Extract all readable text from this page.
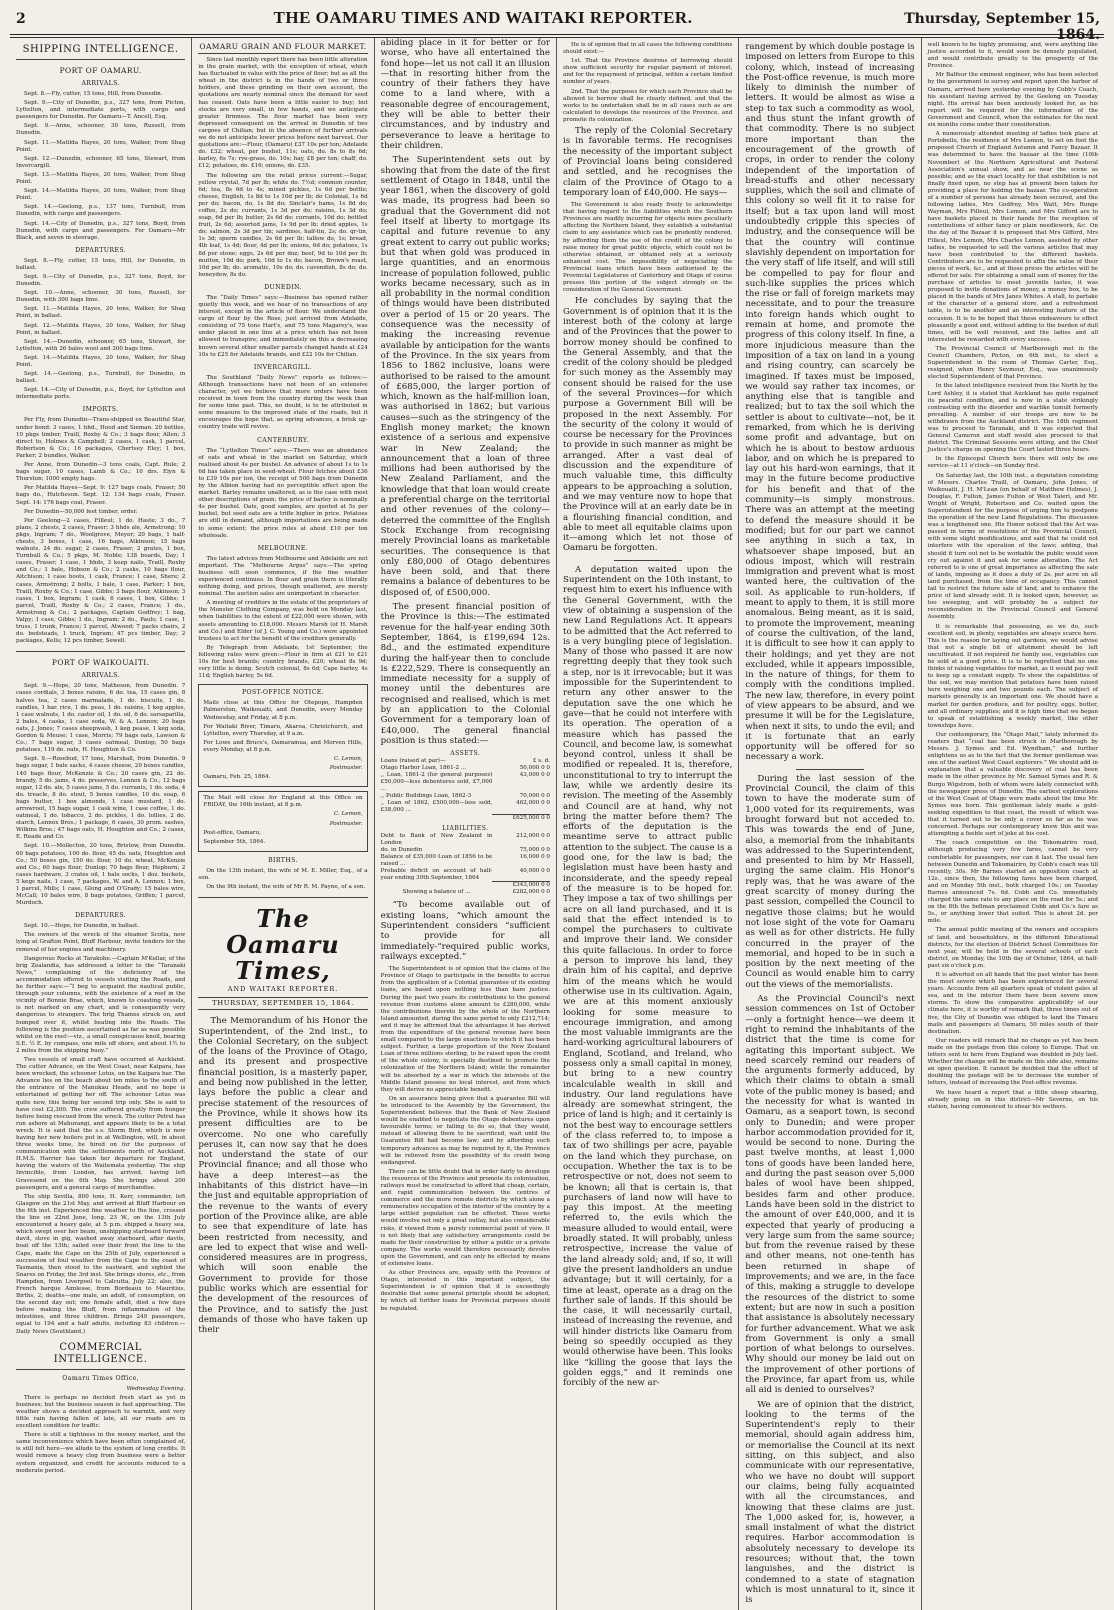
2	THE OAMARU TIMES AND WAITAKI REPORTER.	Thursday, September 15, 1864.
SHIPPING INTELLIGENCE.
PORT OF OAMARU.
ARRIVALS.

Sept. 8.—Fly, cutter, 15 tons, Hill, from Dunedin.

Sept. 9.—City of Dunedin, p.s., 327 tons, from Picton, Lyttelton, and intermediate ports, with cargo and passengers for Dunedin. For Oamaru—T. Ancell, Esq.

Sept. 9.—Anne, schooner, 30 tons, Russell, from Dunedin.

Sept. 11.—Matilda Hayes, 20 tons, Walker, from Shag Point.

Sept. 12.—Dunedin, schooner, 65 tons, Stewart, from Invercargill.

Sept. 13.—Matilda Hayes, 20 tons, Walker, from Shag Point.

Sept. 14.—Matilda Hayes, 20 tons, Walker, from Shag Point.

Sept. 14.—Geelong, p.s., 137 tons, Turnbull, from Dunedin, with cargo and passengers.

Sept. 14.—City of Dunedin, p.s., 327 tons, Boyd, from Dunedin, with cargo and passengers. For Oamaru—Mr Black, and seven in steerage.

DEPARTURES.

Sept. 8.—Fly, cutter, 15 tons, Hill, for Dunedin, in ballast.

Sept. 9.—City of Dunedin, p.s., 327 tons, Boyd, for Dunedin.

Sept. 10.—Anne, schooner, 30 tons, Russell, for Dunedin, with 300 bags lime.

Sept. 11.—Matilda Hayes, 20 tons, Walker, for Shag Point, in ballast.

Sept. 12.—Matilda Hayes, 20 tons, Walker, for Shag Point, in ballast.

Sept. 14.—Dunedin, schooner, 65 tons, Stewart, for Lyttelton, with 26 bales wool and 300 bags lime.

Sept. 14.—Matilda Hayes, 20 tons, Walker, for Shag Point.

Sept. 14.—Geelong, p.s., Turnbull, for Dunedin, in ballast.

Sept. 14.—City of Dunedin, p.s., Boyd, for Lyttelton and intermediate ports.

IMPORTS.

Per Fly, from Dunedin—Trans-shipped ex Beautiful Star, under bond: 3 cases, 1 hhd., Hood and Sieman. 20 bottles, 10 pkgs timber, Traill, Roxby & Co.; 3 bags flour, Allen; 3 direct to, Holmes & Campbell; 2 cases, 1 cask, 1 parcel, Robertson & Co.; 16 packages, Chertsey Eley; 1 box, Parker; 2 bundles, Walker.

Per Anne, from Dunedin—3 tons coals, Capt. Rule; 2 bags sugar, 10 cases, Lamb & Co.; 10 drs. Elyn & Thurston; 1000 empty bags.

Per Matilda Hayes—Sept. 9: 127 bags coals, Fraser; 50 bags do., Hutcheson. Sept. 12: 134 bags coals, Fraser. Sept. 14: 176 bags coal, Fraser.

Per Dunedin—50,000 feet timber, order.

Per Geelong—2 cases, Filleul; 1 do. Haste; 3 do., 7 plans, 2 chests, 2 cases, Fraser; 3 hhds ale, Armstrong; 10 pkgs, Ingram; 7 do., Woolgrove, Meyer; 20 bags, 1 half-chests, 3 boxes, 1 case, 16 bags, Atkinson; 15 bags walnuts, 24 do. sugar, 2 cases, Fraser; 2 grates, 1 box, Turnbull & Co.; 5 pkgs, M. Noble; 138 boards, Day; 1 cases, Fraser; 1 case, 1 hhds, 3 keep nails, Traill, Roxby and Co.; 1 bale, Hobson & Co.; 2 casks, 10 bags flour, Aitchison; 1 case boots, 1 cask, France; 1 case, Shere; 2 cases, Armstrong; 2 bolts, 1 bale, 1 case, Parker; 1 box, Traill, Roxby & Co.; 1 case, Gibbs; 3 bags flour, Atkinson; 3 cases, 1 box, Ingram; 1 cask, 6 cases, 1 box, Gibbs; 1 parcel, Traill, Roxby & Co.; 2 cases, France; 1 do., Armstrong & Co.; 2 packages, Captain Godfrey; 1 bag, Valpy; 1 case, Gibbs; 1 do., Ingram; 2 do., Pauls; 1 case, 1 truss, 1 trunk, France; 1 parcel, Atwood; 7 packs chairs, 2 do. bedsteads, 1 truck, Ingram; 47 pcs timber, Day; 2 packages, Kells; 12 pcs timber, Sewell.

PORT OF WAIKOUAITI.
ARRIVALS.

Sept. 9.—Hope, 20 tons, Matheson, from Dunedin. 7 cases cordials, 3 boxes raisins, 6 do. tea, 15 cases gin, 8 halves tea, 2 cases marmalade, 1 do. biscuits, 1 do. candles, 1 bar. rice, 1 do. peas, 1 do. raisins, 1 keg apples, 1 case walnuts, 1 do. castor oil, 1 do. oil, 6 do. sarsaparilla, 2 bales, 4 casks, 1 case soda, W. & A. Lennox; 20 bags oats, J. Jones; 7 cases sheepwash, 1 keg pease, 1 keg soda, Gordon & Meuse; 1 case, Morris; 79 bags oats, Lawson & Co.; 7 bags sugar, 3 cases oatmeal, Dunlop; 50 bags potatoes, 119 do. oats, H. Houghton & Co.

Sept. 9.—Rosebud, 17 tons, Marshall, from Dunedin. 9 bags sugar, 1 bale sacks, 4 cases cheese, 20 boxes candles, 140 bags flour, McKenzie & Co.; 20 cases gin, 22 do. brandy, 5 do. jams, 4 do. preserves, Lennox & Co.; 12 bags sugar, 12 do. ale, 5 cases jams, 5 do. currants, 1 do. soda, 4 do. treacle, 8 do. stout, 5 boxes candles, 10 do. soap, 6 bags butter, 1 box almonds, 1 case mustard, 1 do. arrowroot, 15 bags sugar, 1 cask wine, 1 case coffee, 1 do. oatmeal, 1 do. tobacco, 2 do. pickles, 1 do. lollies, 2 do. starch, Lennox Bros.; 1 package, 6 cases, 30 prom. sashes, Wilkins Bros.; 47 bags oats, H. Houghton and Co.; 2 cases, E. Reade and Co.

Sept. 10.—Mollecton, 20 tons, Bristow, from Dunedin. 60 bags potatoes, 100 do. flour, 45 do. oats, Houghton and Co.; 50 boxes gin, 150 do. flour, 10 do. wheat, McKenzie and Co.; 60 bags flour, Dunlop; 70 bags flour, Hepburn; 2 cases hardware, 3 crates oil, 1 bale socks, 1 doz. buckets, 5 kegs nails, 1 case, 7 packages, W. and A. Lennox; 1 box, 1 parcel, Mills; 1 case, Glong and O'Grady; 15 bales wire, McCall; 10 bales wire, 8 bags potatoes, Griffen; 1 parcel, Murdoch.

DEPARTURES.

Sept. 10.—Hope, for Dunedin, in ballast.

The owners of the wreck of the steamer Scotia, now lying at Grafton Point, Bluff Harbour, invite tenders for the removal of her engines and machinery.

Dangerous Rocks at Tarakohe.—Captain M'Kellar, of the brig Zealandia, has addressed a letter to the “Taranaki News,” complaining of the deficiency of the accommodation offered to vessels visiting the Roads, and he further says:—“I beg to acquaint the nautical public, through your columns, with the existence of a reef in the vicinity of Bonnie Brae, which, known to coasting vessels, is not marked on any chart, and is consequently very dangerous to strangers. The brig Thames struck on, and bumped over it, whilst beating into the Roads. The following is the position ascertained as far as was possible whilst on the reef:—viz., a small conspicuous knoll, bearing S.E. ½ E. by compass, one mile off shore, and about 1½ to 2 miles from the shipping buoy.”

Two vessels of small craft have occurred at Auckland. The cutter Advance, on the West Coast, near Kaipara, has been wrecked, the schooner Lotus, on the Kaipara bar. The Advance lies on the beach about ten miles to the south of the entrance of the Manukau Heads, and no hope is entertained of getting her off. The schooner Lotus was quite new, this being her second trip only. She is said to have cost £2,300. The crew suffered greatly from hunger before being rescued from the wreck. The cutter Petrel has run ashore at Mahurangi, and appears likely to be a total wreck. It is said that the s.s. Storm Bird, which is now having her new boilers put in at Wellington, will, in about three weeks time, be hired on for the purposes of communication with the settlements north of Auckland. H.M.S. Harrier has taken her departure for England, having the waters of the Waitemata yesterday. The ship Invincible, from London, has arrived, having left Gravesend on the 6th May. She brings about 200 passengers, and a general cargo of merchandise.

The ship Sevilla, 800 tons, H. Kerr, commander, left Glasgow on the 21st May, and arrived at Bluff Harbour on the 6th inst. Experienced fine weather to the line, crossed the line on 22nd June, long. 23 W., on the 13th July encountered a heavy gale, at 5 p.m. shipped a heavy sea, which swept over her beam, unshipping starboard forward davit, stove in gig, washed away starboard, after davits, boat off the 13th; sailed over their front the line to the Cape, made the Cape on the 25th of July, experienced a succession of foul weather from the Cape to the coast of Tasmania, then stood to the eastward, and sighted the Snares on Friday, the 3rd inst. She brings stores, etc., from Hampden, from Liverpool to Calcutta, July 22; also, the French barque Aimlesse, from Bordeaux to Mauritius. Births, 2; deaths—one male, an adult, of consumption, on the second day out; one female adult, died a few days before making the Bluff, from inflammation of the intestines, and three children. Brings 249 passengers, equal to 194 and a half adults, including 83 children.—Daily News (Southland.)

COMMERCIAL INTELLIGENCE.
Oamaru Times Office,

Wednesday Evening.

There is perhaps no decided fresh start as yet in business; but the business season is fast approaching. The weather shows a decided approach to warmth, and very little rain having fallen of late, all our roads are in excellent condition for traffic.

There is still a tightness in the money market, and the same inconvenience which have been often complained of, is still felt here—we allude to the system of long credits. It would remove a heavy clog from business were a better system organized, and credit for accounts reduced to a moderate period.

OAMARU GRAIN AND FLOUR MARKET.

Since last monthly report there has been little alteration in the grain market, with the exception of wheat, which has fluctuated in value with the price of flour; but as all the wheat in the district is in the hands of two or three holders, and these grinding on their own account, the quotations are nearly nominal since the demand for seed has ceased. Oats have been a little easier to buy; but stocks are very small, in few hands, and we anticipate greater firmness. The flour market has been very depressed consequent on the arrival in Dunedin of two cargoes of Chilian; but in the absence of further arrivals we do not anticipate lower prices before next harvest. Our quotations are:—Flour, (Oamaru) £37 10s per ton; Adelaide do. £32; wheat, per bushel, 11s; oats, do. 8s to 8s 6d; barley, 6s 7s; rye-grass, do. 10s; hay, £8 per ton; chaff, do. £12; potatoes, do. £16; onions, do. £35.

The following are the retail prices current:—Sugar, yellow crystal, 7d per lb; white do. 7½d; common counter, 6d; tea, 8s 6d to 4s; mixed pickles, 1s 6d per bottle; cheese, English, 1s 8d to 1s 10d per lb; do Colonial, 1s 6d per do; bacon, do, 1s 8d do; Sinclair's hams, 1s 8d do; coffee, 2s do; currants, 1s 3d per do; raisins, 1s 3d do; soap, 6d per lb; butter, 2s 6d do; currants, 10d do; bottled fruit, 2s 6d; assorted jams, 1s 9d per lb; dried apples, 1s do; salmon, 2s 3d per tin; sardines, half-tin, 2s; do. qr-tin, 1s 3d; sperm candles, 2s 6d per lb; tallow do, 1s; bread, 4lb loaf, 1s 4d; flour, 4d per lb; onions, 6d do; potatoes, 1s 8d per stone; eggs, 2s 6d per doz; beef, 9d to 10d per lb; mutton, 10d do; pork, 10d to 1s do; bacon, Brown's roast, 10d per lb; do. aromatic, 10s do; do. cavendish, 8s do; do. honeydew, 8s do.

DUNEDIN.

The “Daily Times” says:—Business has opened rather quietly this week, and we hear of no transactions of any interest, except in the article of flour. We understand the cargo of flour by the Rose, just arrived from Adelaide, consisting of 75 tons Hart's, and 75 tons Magarey's, was under placed in one line at a price which has not been allowed to transpire; and immediately on this a decreasing known several other smaller parcels changed hands at £24 10s to £25 for Adelaide brands, and £22 10s for Chilian.

INVERCARGILL.

The Southland “Daily News” reports as follows:—Although transactions have not been of an extensive character, yet we believe that more orders have been received in town from the country during the week than for some time past. This, no doubt, is to be attributed in some measure to the improved state of the roads, but it encourages the hope that, as spring advances, a brisk up-country trade will revive.

CANTERBURY.

The “Lyttelton Times” says:—There was an abundance of oats and wheat in the market on Saturday, which realised about 4s per bushel. An advance of about 1s to 1s 6d has taken place in seed-wheat. Flour fetches about £36 to £39 10s per ton, the receipt of 500 bags from Dunedin by the Albion having had no perceptible effect upon the market. Barley remains unaltered, as is the case with most other descriptions of grain; the price of barley is nominally 4s per bushel. Oats, good samples, are quoted at 5s per bushel, but seed oats are a trifle higher in price. Potatoes are still in demand, although importations are being made to some extent; the price rules at about £10 per ton wholesale.

MELBOURNE.

The latest advices from Melbourne and Adelaide are not important. The “Melbourne Argus” says:—The spring business will soon commence, if the fine weather experienced continues. In flour and grain there is literally nothing doing, and prices, though unaltered, are merely nominal. The auction sales are unimportant in character.

A meeting of creditors in the estate of the proprietors of the Monster Clothing Company, was held on Monday last, when liabilities to the extent of £22,000 were shown, with assets amounting to £18,000. Messrs Marsh (of H. Marsh and Co.) and Elder (of J. C. Young and Co.) were appointed trustees to act for the benefit of the creditors generally.

By Telegraph from Adelaide, 1st September, the following rates were given:—Flour in firm at £21 to £21 10s for best brands; country brands, £20; wheat 8s 9d; very little is doing. Scotch colonial, 8s 6d; Cape barley, 4s 11d; English barley, 5s 6d.

POST-OFFICE NOTICE.

Mails close at this Office for Otepopo, Hampden Palmerston, Waikouaiti, and Dunedin, every Monday Wednesday, and Friday, at 8 p.m.

For Waitaki River, Timaru, Akaroa, Christchurch, and Lyttelton, every Thursday, at 9 a.m.

For Lowe and Bruce's, Oamaramua, and Morven Hills, every Monday, at 8 p.m.

C. Lemon,

Postmaster.

Oamaru, Feb. 25, 1864.

The Mail will close for England at this Office on FRIDAY, the 16th instant, at 8 p.m.

C. Lemon,

Postmaster.

Post-office, Oamaru,

September 5th, 1864.

BIRTHS.

On the 13th instant, the wife of M. E. Miller, Esq., of a son.

On the 9th instant, the wife of Mr R. M. Payne, of a son.

The Oamaru Times,
AND WAITAKI REPORTER.
THURSDAY, SEPTEMBER 15, 1864.

The Memorandum of his Honor the Superintendent, of the 2nd inst., to the Colonial Secretary, on the subject of the loans of the Province of Otago, and its present and prospective financial position, is a masterly paper, and being now published in the letter, lays before the public a clear and precise statement of the resources of the Province, while it shows how its present difficulties are to be overcome. No one who carefully peruses it, can now say that he does not understand the state of our Provincial finance; and all those who have a deep interest—as the inhabitants of this district have—in the just and equitable appropriation of the revenue to the wants of every portion of the Province alike, are able to see that expenditure of late has been restricted from necessity, and are led to expect that wise and well-considered measures are in progress, which will soon enable the Government to provide for those public works which are essential for the development of the resources of the Province, and to satisfy the just demands of those who have taken up their

abiding place in it for better or for worse, who have all entertained the fond hope—let us not call it an illusion—that in resorting hither from the country of their fathers they have come to a land where, with a reasonable degree of encouragement, they will be able to better their circumstances, and by industry and perseverance to leave a heritage to their children.

The Superintendent sets out by showing that from the date of the first settlement of Otago in 1848, until the year 1861, when the discovery of gold was made, its progress had been so gradual that the Government did not feel itself at liberty to mortgage its capital and future revenue to any great extent to carry out public works; but that when gold was produced in large quantities, and an enormous increase of population followed, public works became necessary, such as in all probability in the normal condition of things would have been distributed over a period of 15 or 20 years. The consequence was the necessity of making the increasing revenue available by anticipation for the wants of the Province. In the six years from 1856 to 1862 inclusive, loans were authorised to be raised to the amount of £685,000, the larger portion of which, known as the half-million loan, was authorised in 1862; but various causes—such as the stringency of the English money market; the known existence of a serious and expensive war in New Zealand; the announcement that a loan of three millions had been authorised by the New Zealand Parliament, and the knowledge that that loan would create a preferential charge on the territorial and other revenues of the colony—deterred the committee of the English Stock Exchange from recognising merely Provincial loans as marketable securities. The consequence is that only £80,000 of Otago debentures have been sold, and that there remains a balance of debentures to be disposed of, of £500,000.

The present financial position of the Province is this:—The estimated revenue for the half-year ending 30th September, 1864, is £199,694 12s. 8d., and the estimated expenditure during the half-year then to conclude is £222,529. There is consequently an immediate necessity for a supply of money until the debentures are recognised and realised, which is met by an application to the Colonial Government for a temporary loan of £40,000. The general financial position is thus stated:—

ASSETS.
Loans (raised at par)—	£ s. d.
Otago Harbor Loan, 1861-2 ...	50,000 0 0
,, Loan, 1861-2 (for general purposes) £50,000—less debentures sold, £7,000 ...	43,000 0 0
,, Public Buildings Loan, 1862-3	70,000 0 0
,, Loan of 1862, £500,000—less sold, £38,000 ...	462,000 0 0
	£625,000 0 0
LIABILITIES.
Debt to Bank of New Zealand in London	212,000 0 0
do. in Dunedin	75,000 0 0
Balance of £35,000 Loan of 1856 to be raised ...	16,000 0 0
Probable deficit on account of half-year ending 30th September, 1864	40,000 0 0
	£343,000 0 0
Showing a balance of ...	£282,000 0 0

“To become available out of existing loans, “which amount the Superintendent considers “sufficient to provide for all immediately-“required public works, railways excepted.”

The Superintendent is of opinion that the claims of the Province of Otago to participate in the benefits to accrue from the application of a Colonial guarantee of its existing loans, are based upon nothing less than bare justice. During the past two years its contributions to the general revenue from customs alone amount to £280,000, while the contributions thereto by the whole of the Northern Island amounted, during the same period to only £212,714; and it may be affirmed that the advantages it has derived from the expenditure of the general revenue have been small compared to the large exactions to which it has been subject. Further, a large proportion of the New Zealand Loan of three millions sterling, to be raised upon the credit of the whole colony, is specially destined to promote the colonization of the Northern Island; while the remainder will be absorbed by a war in which the interests of the Middle Island possess no local interest, and from which they will derive no appreciable benefit.

On an assurance being given that a guarantee Bill will be introduced to the Assembly by the Government, the Superintendent believes that the Bank of New Zealand would be enabled to negotiate the Otago debentures upon favourable terms; or failing to do so, that they would, instead of allowing them to be sacrificed, wait until the Guarantee Bill had become law; and by affording such temporary advances as may be required by it, the Province will be relieved from the possibility of its credit being endangered.

There can be little doubt that in order fairly to develope the resources of the Province and promote its colonization, railways must be constructed to afford that cheap, certain, and rapid communication between the centres of commerce and the more remote districts by which alone a remunerative occupation of the interior of the country by a large settled population can be effected. These works would involve not only a great outlay, but also considerable risks, if viewed from a purely commercial point of view. It is not likely that any satisfactory arrangements could be made for their construction by either a public or a private company. The works would therefore necessarily devolve upon the Government, and can only be effected by means of extensive loans.

As other Provinces are, equally with the Province of Otago, interested in this important subject, the Superintendent is of opinion that it is exceedingly desirable that some general principle should be adopted, by which all further loans for Provincial purposes should be regulated.

He is of opinion that in all cases the following conditions should exist:—

1st. That the Province desirous of borrowing should show sufficient security for regular payment of interest, and for the repayment of principal, within a certain limited number of years.

2nd. That the purposes for which each Province shall be allowed to borrow shall be clearly defined, and that the works to be undertaken shall be in all cases such as are calculated to develope the resources of the Province, and promote its colonization.

The reply of the Colonial Secretary is in favorable terms. He recognises the necessity of the important subject of Provincial loans being considered and settled, and he recognises the claim of the Province of Otago to a temporary loan of £40,000. He says—

The Government is also ready freely to acknowledge that having regard to the liabilities which the Southern Provinces are readily incurring for objects more peculiarly affecting the Northern Island, they establish a substantial claim to any assistance which can be prudently rendered, by affording them the use of the credit of the colony to raise money for great public objects, which could not be otherwise obtained, or obtained only at a seriously enhanced cost. The impossibility of negociating the Provincial loans which have been authorised by the Provincial Legislatures of Canterbury and Otago of course presses this portion of the subject strongly on the consideration of the General Government.

He concludes by saying that the Government is of opinion that it is the interest both of the colony at large and of the Provinces that the power to borrow money should be confined to the General Assembly, and that the credit of the colony should be pledged for such money as the Assembly may consent should be raised for the use of the several Provinces—for which purpose a Government Bill will be proposed in the next Assembly. For the security of the colony it would of course be necessary for the Provinces to provide in such manner as might be arranged. After a vast deal of discussion and the expenditure of much valuable time, this difficulty appears to be approaching a solution, and we may venture now to hope that the Province will at an early date be in a flourishing financial condition, and able to meet all equitable claims upon it—among which let not those of Oamaru be forgotten.

A deputation waited upon the Superintendent on the 10th instant, to request him to exert his influence with the General Government, with the view of obtaining a suspension of the new Land Regulations Act. It appears to be admitted that the Act referred to is a very bungling piece of legislation. Many of those who passed it are now regretting deeply that they took such a step, nor is it irrevocable; but it was impossible for the Superintendent to return any other answer to the deputation save the one which he gave—that he could not interfere with its operation. The operation of a measure which has passed the Council, and become law, is somewhat beyond control, unless it shall be modified or repealed. It is, therefore, unconstitutional to try to interrupt the law, while we ardently desire its revision. The meeting of the Assembly and Council are at hand, why not bring the matter before them? The efforts of the deputation is the meantime serve to attract public attention to the subject. The cause is a good one, for the law is bad; the legislation must have been hasty and inconsiderate, and the speedy repeal of the measure is to be hoped for. They impose a tax of two shillings per acre on all land purchased, and it is said that the effect intended is to compel the purchasers to cultivate and improve their land. We consider this quite fallacious. In order to force a person to improve his land, they drain him of his capital, and deprive him of the means which he would otherwise use in its cultivation. Again, we are at this moment anxiously looking for some measure to encourage immigration, and among the most valuable immigrants are the hard-working agricultural labourers of England, Scotland, and Ireland, who possess only a small capital in money, but bring to a new country incalculable wealth in skill and industry. Our land regulations have already are somewhat stringent, the price of land is high; and it certainly is not the best way to encourage settlers of the class referred to, to impose a tax of two shillings per acre, payable on the land which they purchase, on occupation. Whether the tax is to be retrospective or not, does not seem to be known; all that is certain is, that purchasers of land now will have to pay this impost. At the meeting referred to, the evils which the measure alluded to would entail, were broadly stated. It will probably, unless retrospective, increase the value of the land already sold; and, if so, it will give the present landholders an undue advantage; but it will certainly, for a time at least, operate as a drag on the further sale of lands. If this should be the case, it will necessarily curtail, instead of increasing the revenue, and will hinder districts like Oamaru from being so speedily occupied as they would otherwise have been. This looks like “killing the goose that lays the golden eggs,” and it reminds one forcibly of the new ar-

rangement by which double postage is imposed on letters from Europe to this colony, which, instead of increasing the Post-office revenue, is much more likely to diminish the number of letters. It would be almost as wise a step to tax such a commodity as wool, and thus stunt the infant growth of that commodity. There is no subject more important than the encouragement of the growth of crops, in order to render the colony independent of the importation of bread-stuffs and other necessary supplies, which the soil and climate of this colony so well fit it to raise for itself; but a tax upon land will most undoubtedly cripple this species of industry, and the consequence will be that the country will continue slavishly dependent on importation for the very staff of life itself, and will still be compelled to pay for flour and such-like supplies the prices which the rise or fall of foreign markets may necessitate, and to pour the treasure into foreign hands which ought to remain at home, and promote the progress of this colony itself. In fine, a more injudicious measure than the imposition of a tax on land in a young and rising country, can scarcely be imagined. If taxes must be imposed, we would say rather tax incomes, or anything else that is tangible and realized; but to tax the soil which the settler is about to cultivate—not, be it remarked, from which he is deriving some profit and advantage, but on which he is about to bestow arduous labor, and on which he is prepared to lay out his hard-won earnings, that it may in the future become productive for his benefit and that of the community—is simply monstrous. There was an attempt at the meeting to defend the measure should it be modified; but for our part we cannot see anything in such a tax, in whatsoever shape imposed, but an odious impost, which will restrain immigration and prevent what is most wanted here, the cultivation of the soil. As applicable to run-holders, if meant to apply to them, it is still more anomalous. Being meant, as it is said, to promote the improvement, meaning of course the cultivation, of the land, it is difficult to see how it can apply to their holdings; and yet they are not excluded, while it appears impossible, in the nature of things, for them to comply with the conditions implied. The new law, therefore, in every point of view appears to be absurd, and we presume it will be for the Legislature, when next it sits, to undo the evil; and it is fortunate that an early opportunity will be offered for so necessary a work.

During the last session of the Provincial Council, the claim of this town to have the moderate sum of 1,000 voted for its requirements, was brought forward but not acceded to. This was towards the end of June, also, a memorial from the inhabitants was addressed to the Superintendent, and presented to him by Mr Hassell, urging the same claim. His Honor's reply was, that he was aware of the great scarcity of money during the past session, compelled the Council to negative those claims; but he would not lose sight of the vote for Oamaru as well as for other districts. He fully concurred in the prayer of the memorial, and hoped to be in such a position by the next meeting of the Council as would enable him to carry out the views of the memorialists.

As the Provincial Council's next session commences on 1st of October—only a fortnight hence—we deem it right to remind the inhabitants of the district that the time is come for agitating this important subject. We need scarcely remind our readers of the arguments formerly adduced, by which their claims to obtain a small vote of the public money is based; and the necessity for what is wanted in Oamaru, as a seaport town, is second only to Dunedin; and were proper harbor accommodation provided for it, would be second to none. During the past twelve months, at least 1,000 tons of goods have been landed here, and during the past season over 5,000 bales of wool have been shipped, besides farm and other produce. Lands have been sold in the district to the amount of over £40,000, and it is expected that yearly of producing a very large sum from the same source; but from the revenue raised by these and other means, not one-tenth has been returned in shape of improvements; and we are, in the face of this, making a struggle to develope the resources of the district to some extent; but are now in such a position that assistance is absolutely necessary for further advancement. What we ask from Government is only a small portion of what belongs to ourselves. Why should our money be laid out on the improvement of other portions of the Province, far apart from us, while all aid is denied to ourselves?

We are of opinion that the district, looking to the terms of the Superintendent's reply to their memorial, should again address him, or memorialise the Council at its next sitting, on this subject, and also communicate with our representative, who we have no doubt will support our claims, being fully acquainted with all the circumstances, and knowing that these claims are just. The 1,000 asked for, is, however, a small instalment of what the district requires. Harbor accommodation is absolutely necessary to develope its resources; without that, the town languishes, and the district is condemned to a state of stagnation which is most unnatural to it, since it is

well known to be highly promising, and, were anything like justice accorded to it, would soon be densely populated, and would contribute greatly to the prosperity of the Province.

Mr Balfour the eminent engineer, who has been selected by the government to survey and report upon the harbor of Oamaru, arrived here yesterday evening by Cobb's Coach, his assistant having arrived by the Geelong on Tuesday night. His arrival has been anxiously looked for, as his report will be required for the information of the Government and Council, when the estimates for the next six months come under their consideration.

A numerously attended meeting of ladies took place at Portobello, the residence of Mrs Lemon, to set on foot the proposed Church of England Autumn and Fancy Bazaar. It was determined to have the bazaar at the time (10th November) of the Northern Agricultural and Pastoral Association's annual show, and as near the scene as possible; and as the exact locality for that exhibition is not finally fixed upon, no step has at present been taken for providing a place for holding the bazaar. The co-operation of a number of persons has already been secured, and the following ladies, Mrs Godfrey, Mrs Watt, Mrs Runge Wayman, Mrs Filleul, Mrs Lemon, and Mrs Gifford are to have baskets placed in their hands for the reception of contributions of either fancy or plain needlework, &c. On the day of the Bazaar it is proposed that Mrs Gifford, Mrs Filleul, Mrs Lemon, Mrs Charles Lemon, assisted by other ladies, be requested to sell the various articles that may have been contributed to the different baskets. Contributors are to be requested to affix the value of their pieces of work, &c., and at those prices the articles will be offered for sale. For obtaining a small sum of money for the purchase of articles to meet juvenile tastes, it was proposed to invite donations of money, a money box, to be placed in the hands of Mrs Janes Whites. A stall, to partake of the character of a general store, and a refreshment table, is to be another and an interesting feature of the occasion. It is to be hoped that these endeavours to effect pleasantly a good end, without adding to the burden of dull times, will be well received, and the ladies and all interested be rewarded with every success.

The Provincial Council of Marlborough met in the Council Chambers, Picton, on 6th inst., to elect a Superintendent in the room of Thomas Carter, Esq., resigned, when Henry Seymour, Esq., was unanimously elected Superintendent of that Province.

In the latest intelligence received from the North by the Lord Ashley, it is stated that Auckland has quite regained its peaceful condition, and is now in a state strikingly contrasting with the disorder and warlike tumult formerly prevailing. A number of our troops are now to be withdrawn from the Auckland district. The 18th regiment was to proceed to Taranaki, and it was expected that General Cameron and staff would also proceed to that district. The Criminal Sessions were sitting, and the Chief Justice's charge on opening the Court lasted three hours.

In the Episcopal Church here there will only be one service—at 11 o'clock—on Sunday first.

On Saturday last, the 10th inst., a deputation consisting of Messrs. Charles Traill, of Oamaru, John Jones, of Waikouaiti, J. H. M'Lean (on behalf of Matthew Holmes), J. Douglas, F. Fulton, James Fulton of West Taieri, and Mr. Wright of Wright, Robertson and Co. waited upon the Superintendent for the purpose of urging him to postpone the operation of the new Land Regulations. The discussion was a lengthened one. His Honor noticed that the Act was passed in terms of resolutions of the Provincial Council, with some slight modifications, and said that he could not interfere with the operation of the laws; adding, that should it turn out not to be workable the public would soon cry out against it and ask for some alteration. The Act referred to is one of great importance as affecting the sale of lands, imposing as it does a duty of 2s. per acre on all land purchased, from the time of occupancy. This cannot fail to restrict the future sale of land, and to enhance the price of land already sold. It is looked upon, however, as too sweeping, and will probably be a subject for reconsideration in the Provincial Council and General Assembly.

It is remarkable that possessing, as we do, such excellent soil, in plenty, vegetables are always scarce here. This is the reason for laying out gardens, we would advise that not a single bit of allotment should be left uncultivated. If not required for family use, vegetables can be sold at a good price. It is to be regretted that no one thinks of raising vegetables for market, as it would pay well to keep up a constant supply. To show the capabilities of the soil, we may mention that potatoes have been raised here weighing one and two pounds each. The subject of markets generally is an important one. We should have a market for garden produce, and for poultry, eggs, butter, and all ordinary supplies; and it is high time that we began to speak of establishing a weekly market, like other townships have.

Our contemporary, the “Otago Mail,” lately informed its readers that “coal has been struck in Marlborough by Messrs. J. Symes and Ed. Wyndham,” and further enlightens us as to the fact that the former gentleman was one of the earliest West Coast explorers.” We should add in explanation that a valuable discovery of coal has been made in the other province by Mr. Samuel Symes and R. & Burgo Wigstrom, both of whom were lately connected with the newspaper press of Dunedin. The earliest explorations of the West Coast of Otago were made about the time Mr. Symes was born. This gentleman lately made a gold-seeking expedition to that coast, the result of which was that it turned out to be only a cover so far as he was concerned. Perhaps our contemporary knew this and was attempting a feeble sort of joke at his cost.

The coach competition on the Tokomairiro road, although producing very few fares, cannot be very comfortable for passengers, nor can it last. The usual fare between Dunedin and Tokomairiro, by Cobb's coach was till recently, 30s. Mr Barnes started an opposition coach at 12s., since then, the following fares have been charged, and on Monday 5th inst., both charged 10s.; on Tuesday Barnes announced 7s. 6d. Cobb and Co. immediately charged the same rate to any place on the road for 5s.; and on the 8th the bellman proclaimed Cobb and Co.'s fare as 5s., or anything lower that suited. This is about 2d. per mile.

The annual public meeting of the owners and occupiers of land, and householders, in the different Educational districts, for the election of District School Committees for next year, will be held in the several schools of each district, on Monday, the 10th day of October, 1864, at half-past six o'clock p.m.

It is adverted on all hands that the past winter has been the most severe which has been experienced for several years. Accounts from all quarters speak of violent gales at sea, and in the interior there have been severe snow storms. To show the comparative applicability of our climate here, it is worthy of remark that, three times out of five, the City of Dunedin was obliged to land the Timaru mails and passengers at Oamaru, 50 miles south of their destination.

Our readers will remark that no change as yet has been made on the postage from this colony to Europe. That on letters sent to here from England was doubled in July last. Whether the change will be made on this side also, remains an open question. It cannot be doubted that the effect of doubling the postage will be to decrease the number of letters, instead of increasing the Post-office revenue.

We have heard a report that a little sheep shearing, already going on in this district—Mr Severne, on his station, having commenced to shear his wethers.
